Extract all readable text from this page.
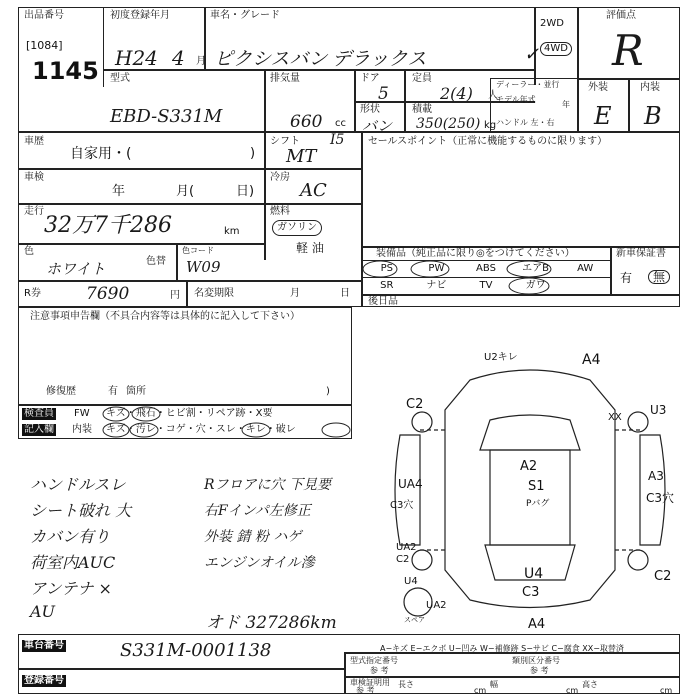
出品番号
[1084]
1145
初度登録年月
H24 4 月
車名・グレード
ピクシスバン デラックス
2WD
4WD
✓
評価点
R
外装	内装
E B
型式
EBD-S331M
排気量
660 cc
ドア
5
定員
2(4) 人
形状
バン
積載
350(250) kg
ディーラー・並行
モデル年式
年
ハンドル 左・右
車歴
自家用・(	)
シフト I5
MT
車検
年	月(	日)
冷房
AC
走行
32万7千286	km
燃料
ガソリン
軽 油
色
ホワイト	色替
色コード
W09
R券	7690	円 名変期限	月	日
セールスポイント（正常に機能するものに限ります）
装備品（純正品に限り◎をつけてください）	新車保証書
有	無
後日品
PS	PW	ABS	エアB	AW
SR	ナビ	TV	ガワ
注意事項申告欄（不具合内容等は具体的に記入して下さい）
修復歴	有 箇所	)
検査員
記入欄
FW キズ・飛石・ヒビ割・リペア跡・X要
内装 キズ・汚レ・コゲ・穴・スレ・キレ・破レ
ハンドルスレ
シート破れ 大
カバン有り
荷室内AUC
アンテナ ×
AU
Rフロアに穴 下見要
右Fインパ左修正
外装 錆 粉 ハゲ
エンジンオイル滲
オド 327286km
U2キレ	A4
C2
XX
U3
UA4
C3穴
A2
S1
Pバグ
A3
C3穴
UA2
C2
U4
C3
C2
UA2
スペア
U4
A4
A−キズ E−エクボ U−凹み W−補修跡 S−サビ C−腐食 XX−取替済
車台番号	S331M-0001138
登録番号
型式指定番号
参 考
類別区分番号
参 考
車検証明用
参 考
長さ
cm
幅
cm
高さ
cm
